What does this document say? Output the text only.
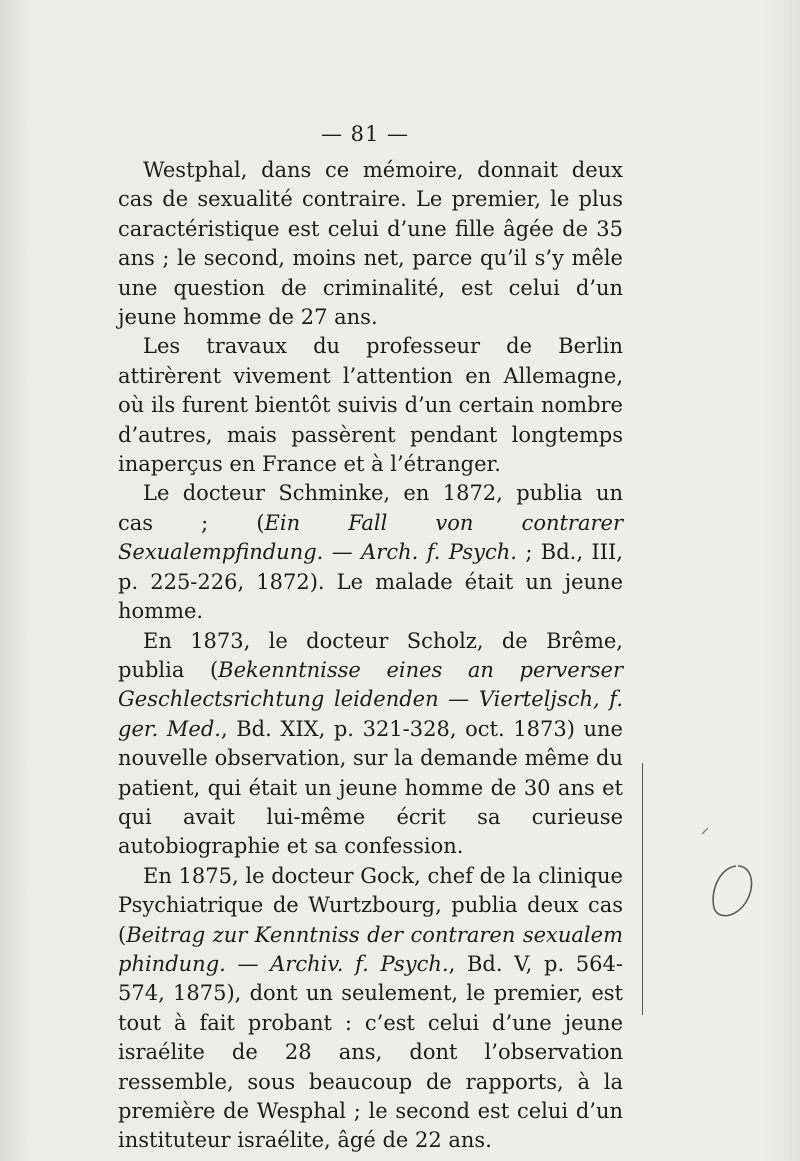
— 81 —

Westphal, dans ce mémoire, donnait deux cas de sexualité contraire. Le premier, le plus caractéristique est celui d’une fille âgée de 35 ans ; le second, moins net, parce qu’il s’y mêle une question de criminalité, est celui d’un jeune homme de 27 ans.

Les travaux du professeur de Berlin attirèrent vivement l’attention en Allemagne, où ils furent bientôt suivis d’un certain nombre d’autres, mais passèrent pendant longtemps inaperçus en France et à l’étranger.

Le docteur Schminke, en 1872, publia un cas ; (Ein Fall von contrarer Sexualempfindung. — Arch. f. Psych. ; Bd., III, p. 225-226, 1872). Le malade était un jeune homme.

En 1873, le docteur Scholz, de Brême, publia (Bekenntnisse eines an perverser Geschlectsrichtung leidenden — Vierteljsch, f. ger. Med., Bd. XIX, p. 321-328, oct. 1873) une nouvelle observation, sur la demande même du patient, qui était un jeune homme de 30 ans et qui avait lui-même écrit sa curieuse autobiographie et sa confession.

En 1875, le docteur Gock, chef de la clinique Psychiatrique de Wurtzbourg, publia deux cas (Beitrag zur Kenntniss der contraren sexualem phindung. — Archiv. f. Psych., Bd. V, p. 564-574, 1875), dont un seulement, le premier, est tout à fait probant : c’est celui d’une jeune israélite de 28 ans, dont l’observation ressemble, sous beaucoup de rapports, à la première de Wesphal ; le second est celui d’un instituteur israélite, âgé de 22 ans.
